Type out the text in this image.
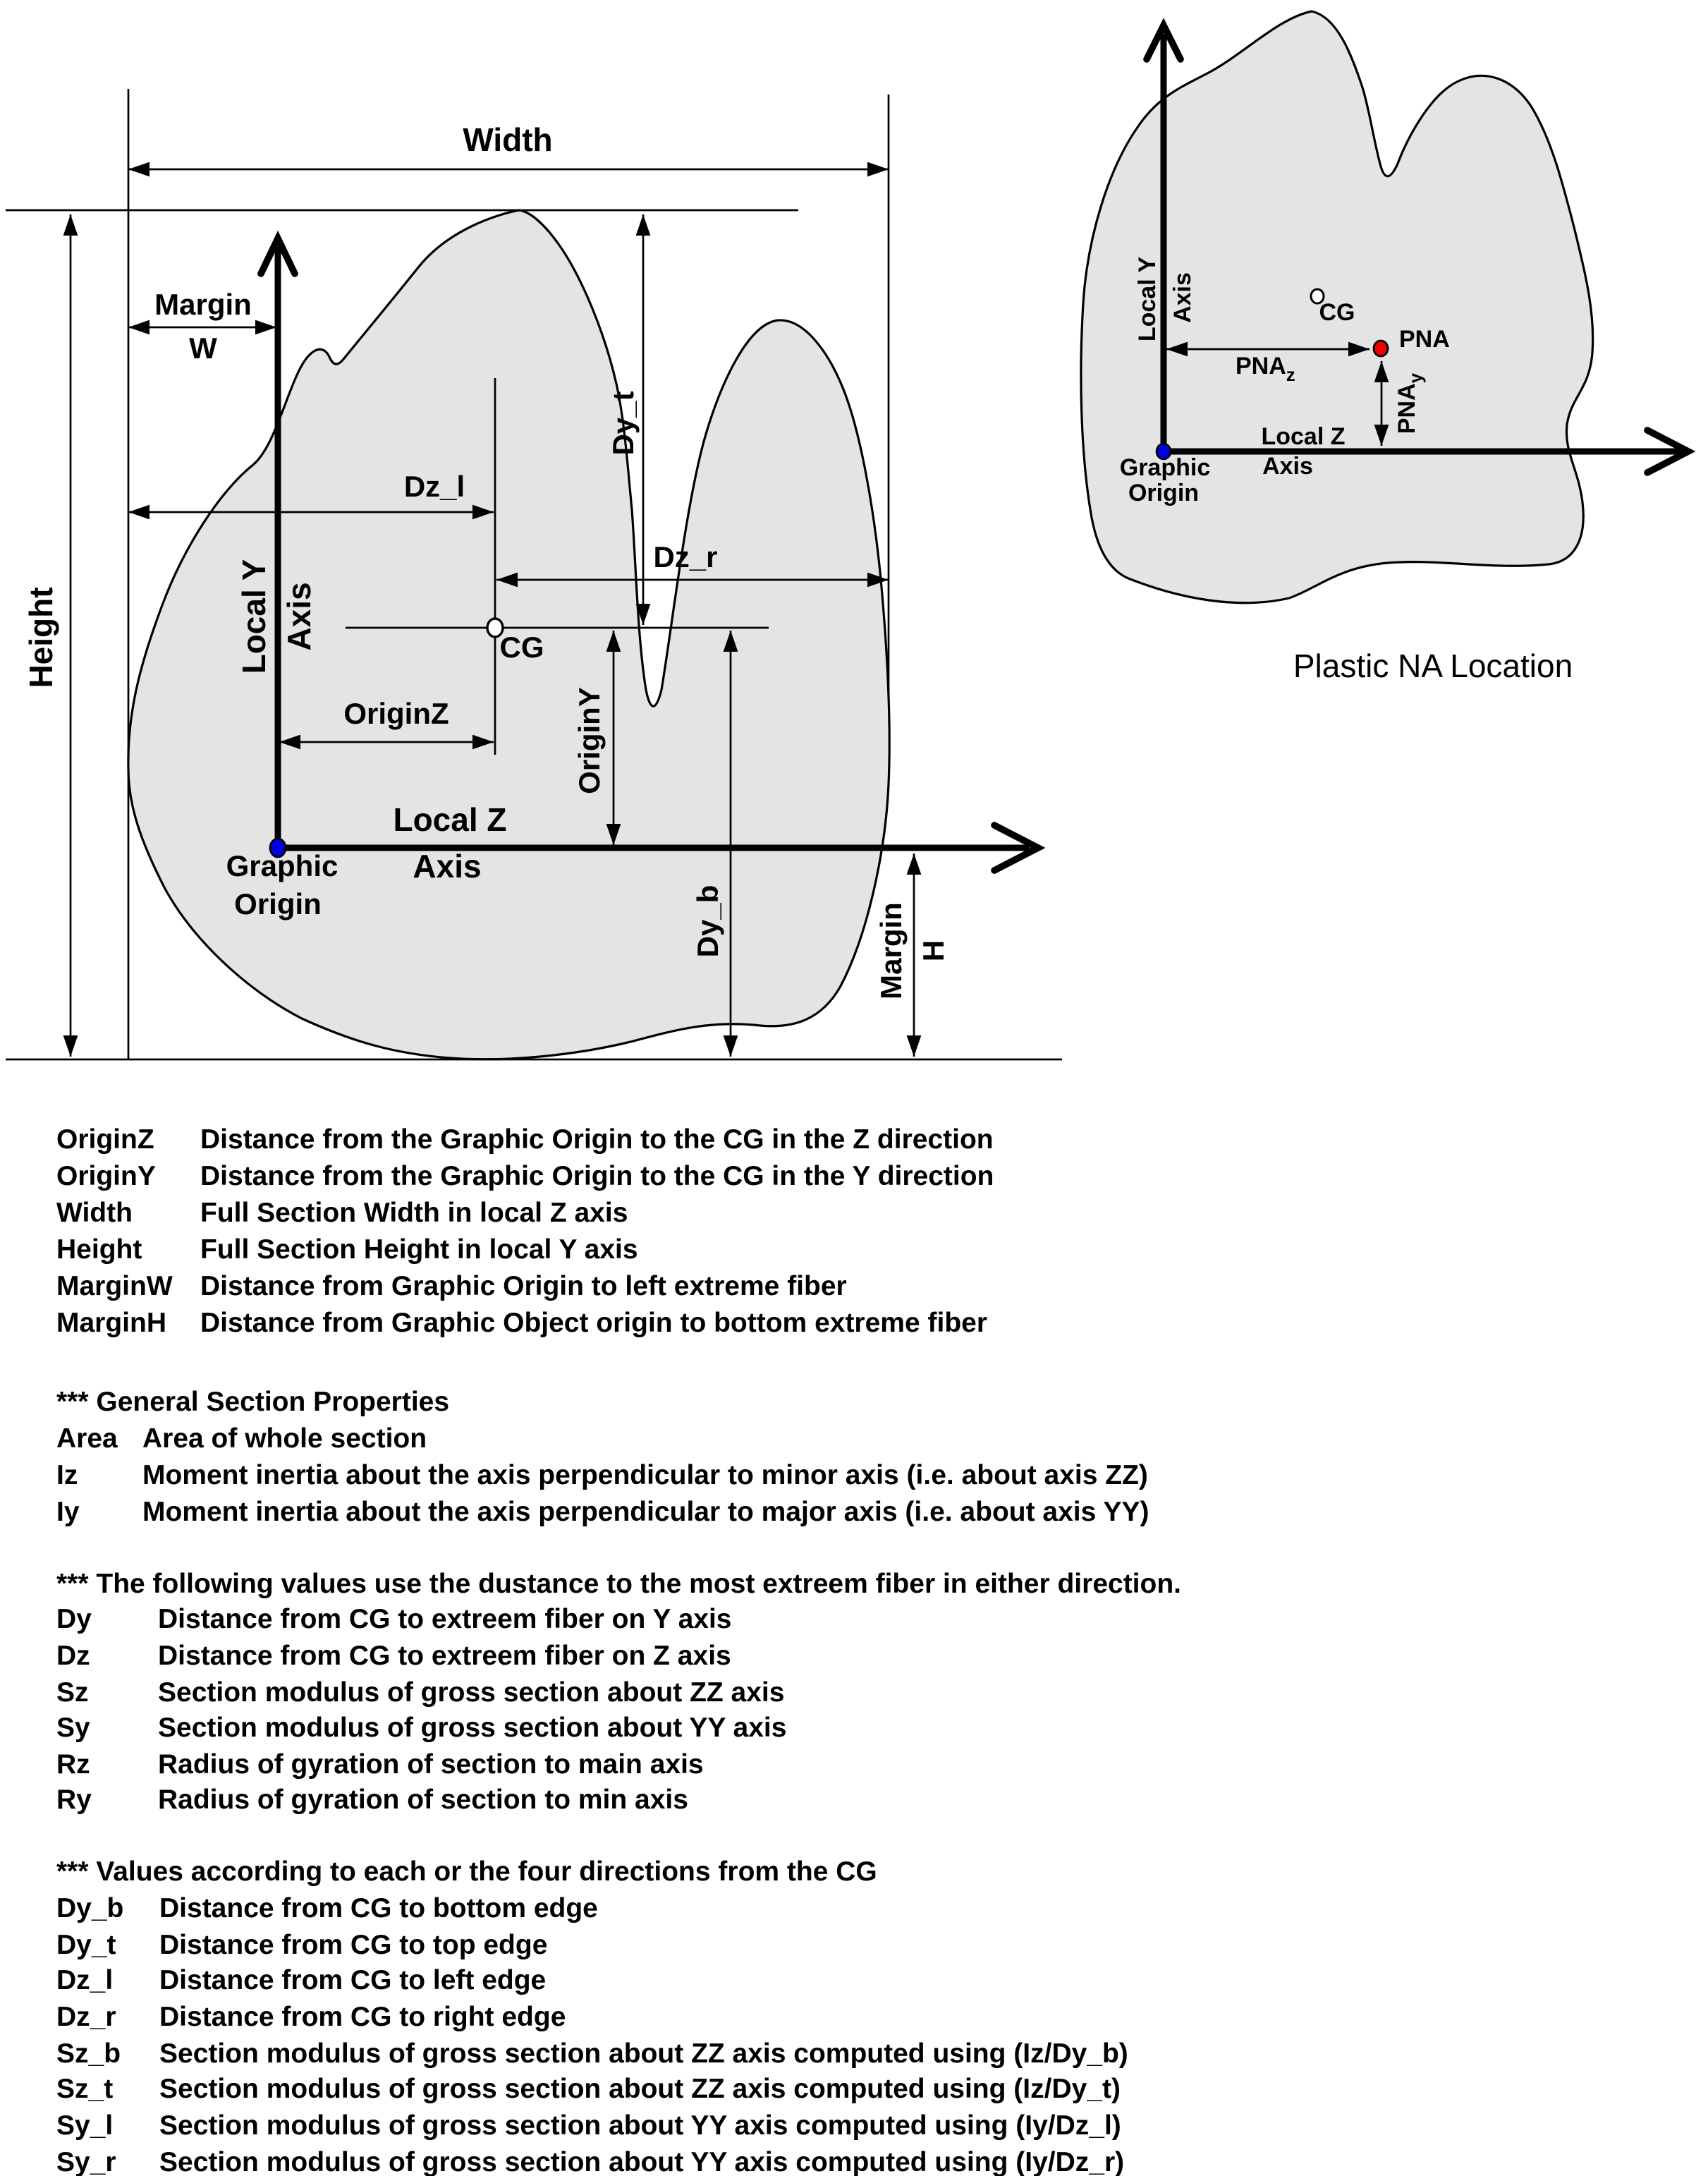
Width
Height
Margin
W
Dy_t
Dz_l
Dz_r
OriginZ	OriginY
Dy_b	Margin H
Local Y Axis
Local Z
Axis
Graphic
Origin
CG
Local Y Axis
Local Z
Axis
Graphic
Origin
CG
$PNA_z$
$PNA_y$
PNA
Plastic NA Location
OriginZ	Distance from the Graphic Origin to the CG in the Z direction
OriginY	Distance from the Graphic Origin to the CG in the Y direction
Width	Full Section Width in local Z axis
Height	Full Section Height in local Y axis
MarginW Distance from Graphic Origin to left extreme fiber
MarginH Distance from Graphic Object origin to bottom extreme fiber
*** General Section Properties
Area Area of whole section
Iz	Moment inertia about the axis perpendicular to minor axis (i.e. about axis ZZ)
Iy	Moment inertia about the axis perpendicular to major axis (i.e. about axis YY)
*** The following values use the dustance to the most extreem fiber in either direction.
Dy	Distance from CG to extreem fiber on Y axis
Dz	Distance from CG to extreem fiber on Z axis
Sz	Section modulus of gross section about ZZ axis
Sy	Section modulus of gross section about YY axis
Rz	Radius of gyration of section to main axis
Ry	Radius of gyration of section to min axis
*** Values according to each or the four directions from the CG
Dy_b	Distance from CG to bottom edge
Dy_t	Distance from CG to top edge
Dz_l	Distance from CG to left edge
Dz_r	Distance from CG to right edge
Sz_b	Section modulus of gross section about ZZ axis computed using (Iz/Dy_b)
Sz_t	Section modulus of gross section about ZZ axis computed using (Iz/Dy_t)
Sy_l	Section modulus of gross section about YY axis computed using (Iy/Dz_l)
Sy_r	Section modulus of gross section about YY axis computed using (Iy/Dz_r)
